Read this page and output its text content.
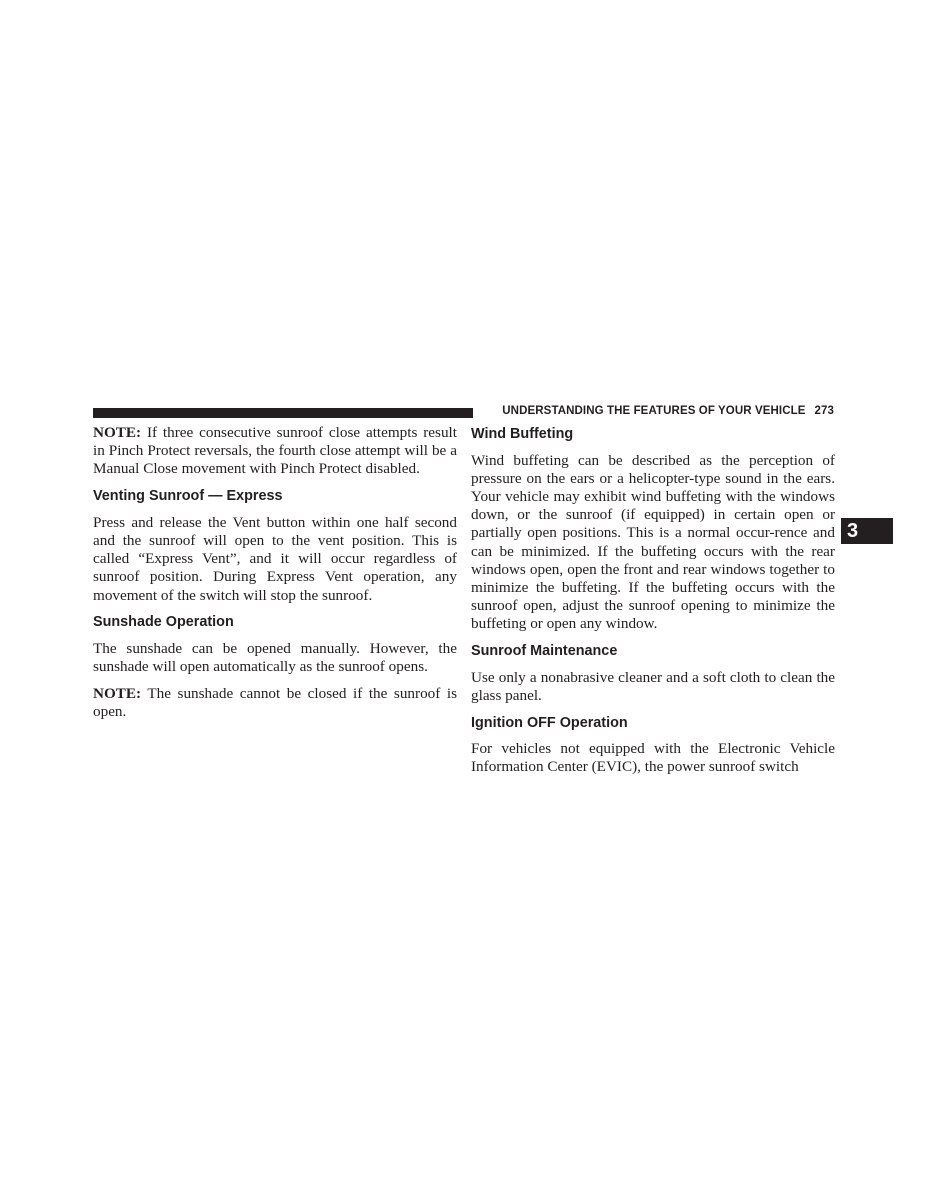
UNDERSTANDING THE FEATURES OF YOUR VEHICLE 273
3

NOTE: If three consecutive sunroof close attempts result in Pinch Protect reversals, the fourth close attempt will be a Manual Close movement with Pinch Protect disabled.

Venting Sunroof — Express

Press and release the Vent button within one half second and the sunroof will open to the vent position. This is called “Express Vent”, and it will occur regardless of sunroof position. During Express Vent operation, any movement of the switch will stop the sunroof.

Sunshade Operation

The sunshade can be opened manually. However, the sunshade will open automatically as the sunroof opens.

NOTE: The sunshade cannot be closed if the sunroof is open.

Wind Buffeting

Wind buffeting can be described as the perception of pressure on the ears or a helicopter-type sound in the ears. Your vehicle may exhibit wind buffeting with the windows down, or the sunroof (if equipped) in certain open or partially open positions. This is a normal occur-rence and can be minimized. If the buffeting occurs with the rear windows open, open the front and rear windows together to minimize the buffeting. If the buffeting occurs with the sunroof open, adjust the sunroof opening to minimize the buffeting or open any window.

Sunroof Maintenance

Use only a nonabrasive cleaner and a soft cloth to clean the glass panel.

Ignition OFF Operation

For vehicles not equipped with the Electronic Vehicle Information Center (EVIC), the power sunroof switch
